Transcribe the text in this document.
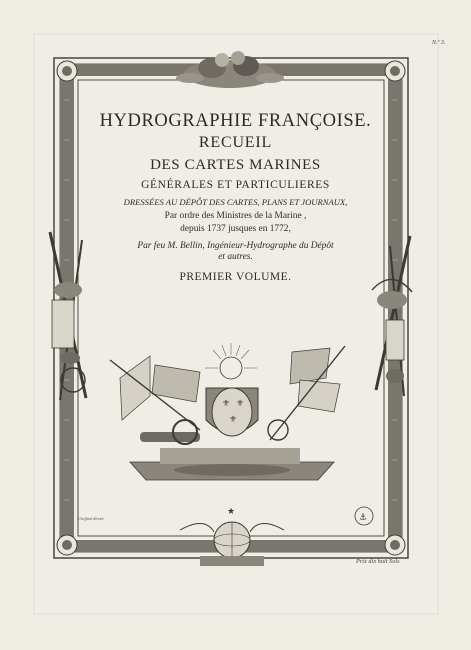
⚜ ⚜
⚜
★
⚓
N.º 3.
HYDROGRAPHIE FRANÇOISE.
RECUEIL
DES CARTES MARINES
GÉNÉRALES ET PARTICULIERES
DRESSÉES AU DÉPÔT DES CARTES, PLANS ET JOURNAUX,
Par ordre des Ministres de la Marine ,
depuis 1737 jusques en 1772,
Par feu M. Bellin, Ingénieur-Hydrographe du Dépôt
et autres.
PREMIER VOLUME.
Choffard direxit
Prix dix huit Sols
